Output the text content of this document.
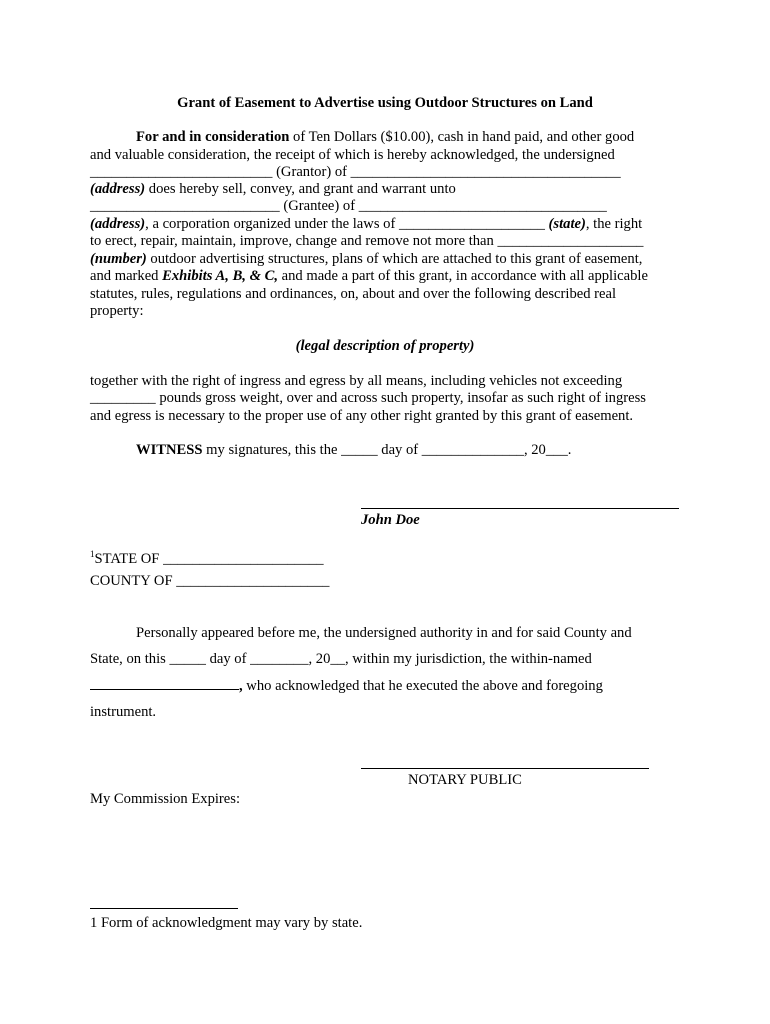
Grant of Easement to Advertise using Outdoor Structures on Land
For and in consideration of Ten Dollars ($10.00), cash in hand paid, and other good
and valuable consideration, the receipt of which is hereby acknowledged, the undersigned
_________________________ (Grantor) of _____________________________________
(address) does hereby sell, convey, and grant and warrant unto
__________________________ (Grantee) of __________________________________
(address), a corporation organized under the laws of ____________________ (state), the right
to erect, repair, maintain, improve, change and remove not more than ____________________
(number) outdoor advertising structures, plans of which are attached to this grant of easement,
and marked Exhibits A, B, & C, and made a part of this grant, in accordance with all applicable
statutes, rules, regulations and ordinances, on, about and over the following described real
property:
(legal description of property)
together with the right of ingress and egress by all means, including vehicles not exceeding
_________ pounds gross weight, over and across such property, insofar as such right of ingress
and egress is necessary to the proper use of any other right granted by this grant of easement.
WITNESS my signatures, this the _____ day of ______________, 20___.
John Doe
$^1$STATE OF ______________________
COUNTY OF _____________________
Personally appeared before me, the undersigned authority in and for said County and
State, on this _____ day of ________, 20__, within my jurisdiction, the within-named
, who acknowledged that he executed the above and foregoing
instrument.
NOTARY PUBLIC
My Commission Expires:
1 Form of acknowledgment may vary by state.
